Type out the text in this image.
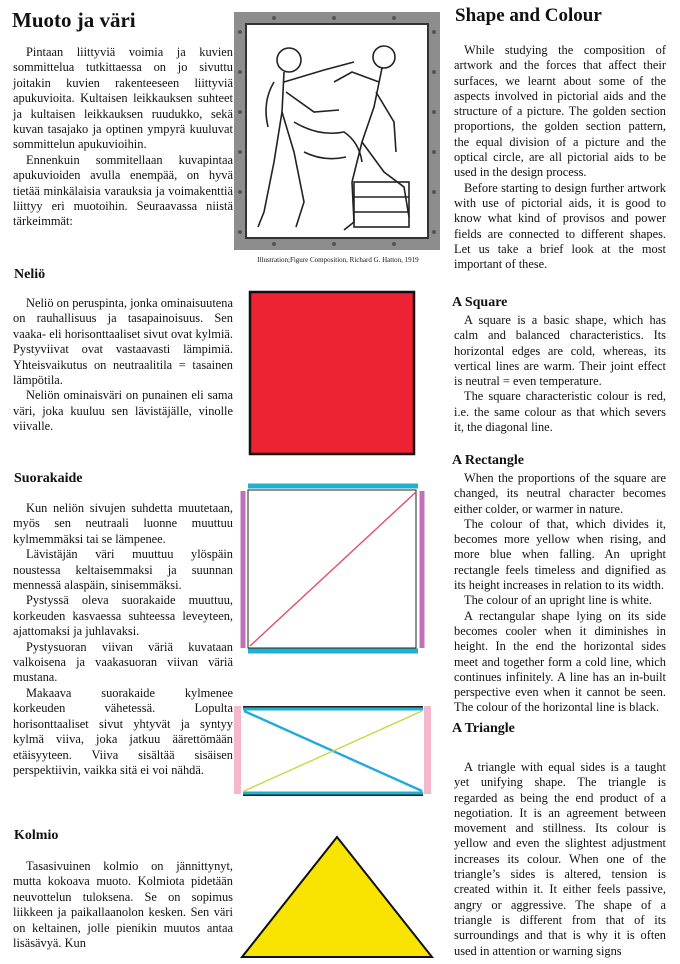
Muoto ja väri

Pintaan liittyviä voimia ja kuvien sommittelua tutkittaessa on jo sivuttu joitakin kuvien rakenteeseen liittyviä apukuvioita. Kultaisen leikkauksen suhteet ja kultaisen leikkauksen ruudukko, sekä kuvan tasajako ja optinen ympyrä kuuluvat sommittelun apukuvioihin.

Ennenkuin sommitellaan kuvapintaa apukuvioiden avulla enempää, on hyvä tietää minkälaisia varauksia ja voimakenttiä liittyy eri muotoihin. Seuraavassa niistä tärkeimmät:

Neliö

Neliö on peruspinta, jonka ominaisuutena on rauhallisuus ja tasapainoisuus. Sen vaaka- eli horisonttaaliset sivut ovat kylmiä. Pystyviivat ovat vastaavasti lämpimiä. Yhteisvaikutus on neutraalitila = tasainen lämpötila.

Neliön ominaisväri on punainen eli sama väri, joka kuuluu sen lävistäjälle, vinolle viivalle.

Suorakaide

Kun neliön sivujen suhdetta muutetaan, myös sen neutraali luonne muuttuu kylmemmäksi tai se lämpenee.

Lävistäjän väri muuttuu ylöspäin noustessa keltaisemmaksi ja suunnan mennessä alaspäin, sinisemmäksi.

Pystyssä oleva suorakaide muuttuu, korkeuden kasvaessa suhteessa leveyteen, ajattomaksi ja juhlavaksi.

Pystysuoran viivan väriä kuvataan valkoisena ja vaakasuoran viivan väriä mustana.

Makaava suorakaide kylmenee korkeuden vähetessä. Lopulta horisonttaaliset sivut yhtyvät ja syntyy kylmä viiva, joka jatkuu äärettömään etäisyyteen. Viiva sisältää sisäisen perspektiivin, vaikka sitä ei voi nähdä.

Kolmio

Tasasivuinen kolmio on jännittynyt, mutta kokoava muoto. Kolmiota pidetään neuvottelun tuloksena. Se on sopimus liikkeen ja paikallaanolon kesken. Sen väri on keltainen, jolle pienikin muutos antaa lisäsävyä. Kun

Illustration;Figure Composition, Richard G. Hatton, 1919
Shape and Colour

While studying the composition of artwork and the forces that affect their surfaces, we learnt about some of the aspects involved in pictorial aids and the structure of a picture. The golden section proportions, the golden section pattern, the equal division of a picture and the optical circle, are all pictorial aids to be used in the design process.

Before starting to design further artwork with use of pictorial aids, it is good to know what kind of provisos and power fields are connected to different shapes. Let us take a brief look at the most important of these.

A Square

A square is a basic shape, which has calm and balanced characteristics. Its horizontal edges are cold, whereas, its vertical lines are warm. Their joint effect is neutral = even temperature.

The square characteristic colour is red, i.e. the same colour as that which severs it, the diagonal line.

A Rectangle

When the proportions of the square are changed, its neutral character becomes either colder, or warmer in nature.

The colour of that, which divides it, becomes more yellow when rising, and more blue when falling. An upright rectangle feels timeless and dignified as its height increases in relation to its width.

The colour of an upright line is white.

A rectangular shape lying on its side becomes cooler when it diminishes in height. In the end the horizontal sides meet and together form a cold line, which continues infinitely. A line has an in-built perspective even when it cannot be seen. The colour of the horizontal line is black.

A Triangle

A triangle with equal sides is a taught yet unifying shape. The triangle is regarded as being the end product of a negotiation. It is an agreement between movement and stillness. Its colour is yellow and even the slightest adjustment increases its colour. When one of the triangle’s sides is altered, tension is created within it. It either feels passive, angry or aggressive. The shape of a triangle is different from that of its surroundings and that is why it is often used in attention or warning signs
